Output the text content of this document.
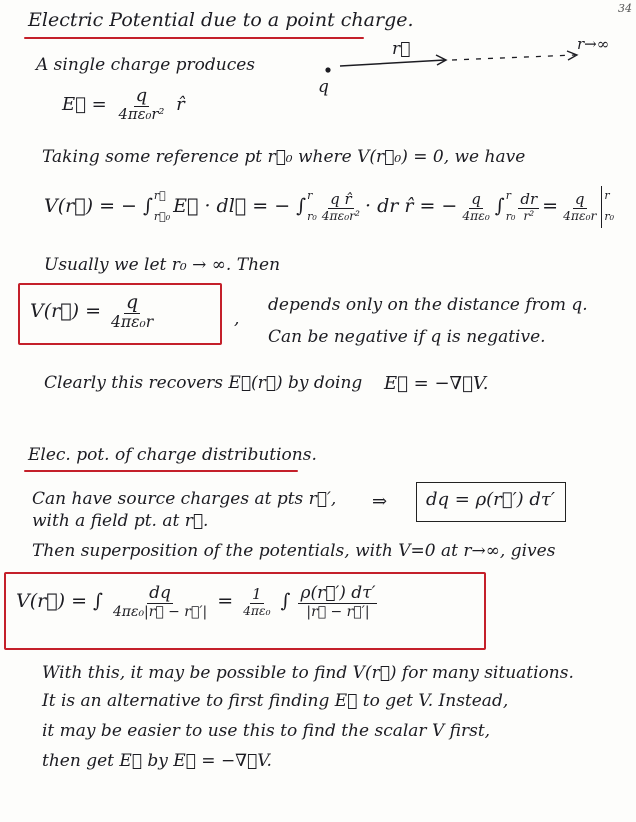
34
Electric Potential due to a point charge.
A single charge produces
E⃗ = $\frac{q}{\text{4πε₀r²}}$ r̂
q
r⃗	r→∞
Taking some reference pt r⃗₀ where V(r⃗₀) = 0, we have
V(r⃗) = − ∫ r⃗
r⃗₀ E⃗ · dl⃗ = − ∫ r
$r_0 \frac{\text{q r̂}}{\text{4πε₀r²}}$ · dr r̂ = − $\frac{q}{\text{4πε₀}}$ ∫ r
$r_0 \frac{dr}{\text{r²}} = \frac{q}{\text{4πε₀r}}$ r
r₀
Usually we let r₀ → ∞. Then
V(r⃗) = $\frac{q}{\text{4πε₀r}}$	,
depends only on the distance from q.
Can be negative if q is negative.
Clearly this recovers E⃗(r⃗) by doing E⃗ = −∇⃗V.
Elec. pot. of charge distributions.
Can have source charges at pts r⃗′,
with a field pt. at r⃗.
⇒ dq = ρ(r⃗′) dτ′
Then superposition of the potentials, with V=0 at r→∞, gives
V(r⃗) = ∫ $\frac{dq}{\text{4πε₀|r⃗ − r⃗′|}} = \frac{1}{\text{4πε₀}}$ ∫ $\frac{\rho(r⃗') d\tau'}{|r⃗ - r⃗'|}$
With this, it may be possible to find V(r⃗) for many situations.
It is an alternative to first finding E⃗ to get V. Instead,
it may be easier to use this to find the scalar V first,
then get E⃗ by E⃗ = −∇⃗V.
